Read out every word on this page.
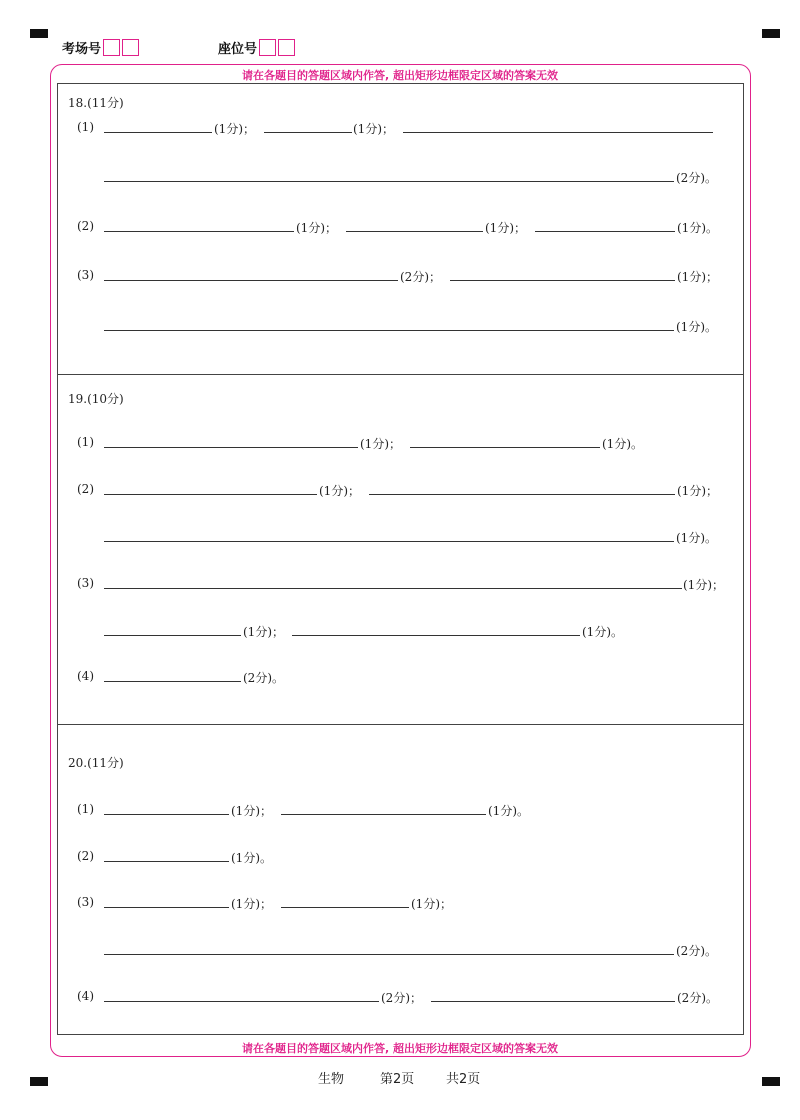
考场号	座位号
请在各题目的答题区域内作答, 超出矩形边框限定区域的答案无效
请在各题目的答题区域内作答, 超出矩形边框限定区域的答案无效
18.(11分)
(1)	(1分)；	(1分)；
(2分)。
(2)	(1分)；	(1分)；	(1分)。
(3)	(2分)；	(1分)；
(1分)。
19.(10分)
(1)	(1分)；	(1分)。
(2)	(1分)；	(1分)；
(1分)。
(3)	(1分)；
(1分)；	(1分)。
(4)	(2分)。
20.(11分)
(1)	(1分)；	(1分)。
(2)	(1分)。
(3)	(1分)；	(1分)；
(2分)。
(4)	(2分)；	(2分)。
生物	第2页 共2页
